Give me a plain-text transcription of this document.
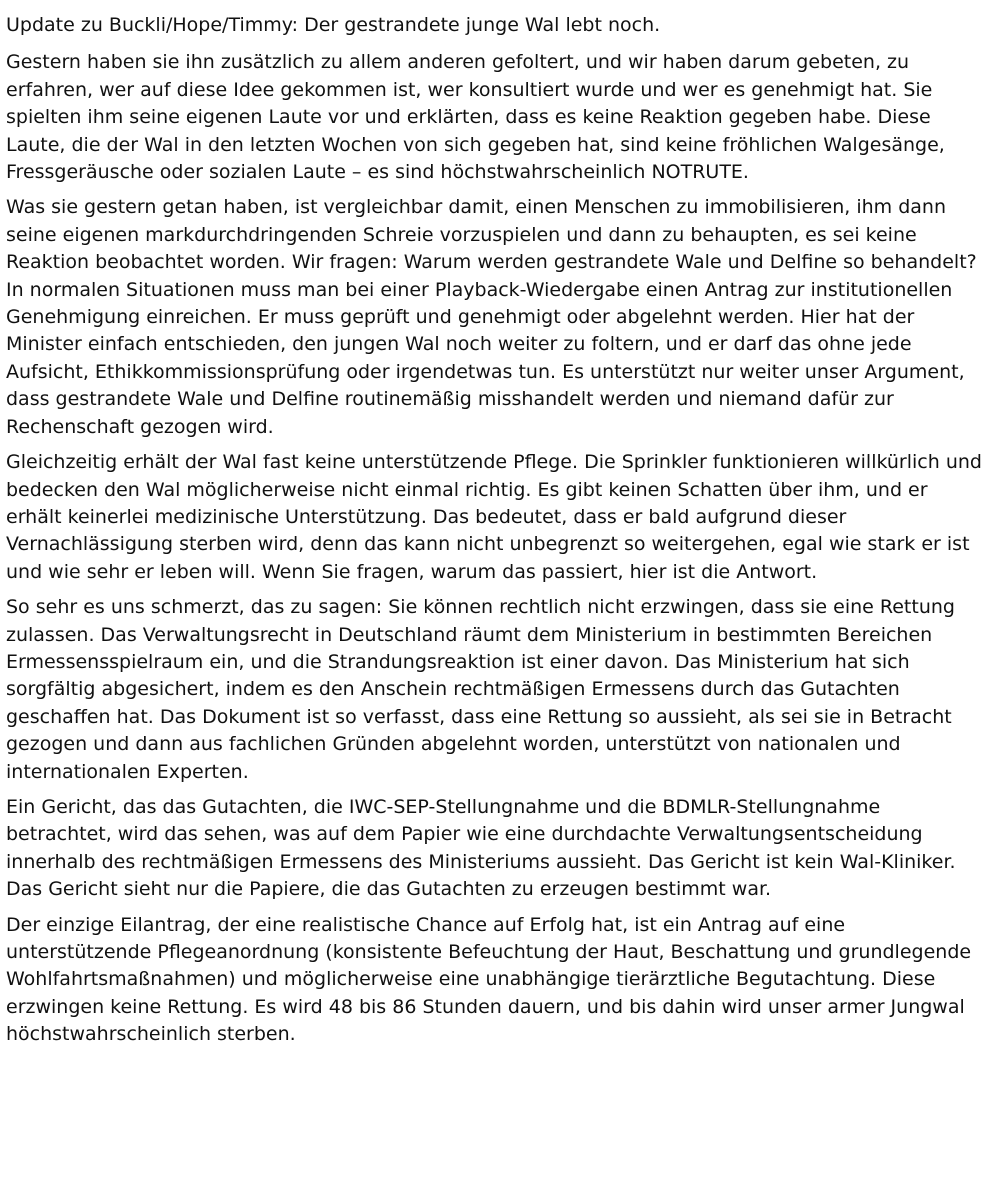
Update zu Buckli/Hope/Timmy: Der gestrandete junge Wal lebt noch.

Gestern haben sie ihn zusätzlich zu allem anderen gefoltert, und wir haben darum gebeten, zu erfahren, wer auf diese Idee gekommen ist, wer konsultiert wurde und wer es genehmigt hat. Sie spielten ihm seine eigenen Laute vor und erklärten, dass es keine Reaktion gegeben habe. Diese Laute, die der Wal in den letzten Wochen von sich gegeben hat, sind keine fröhlichen Walgesänge, Fressgeräusche oder sozialen Laute – es sind höchstwahrscheinlich NOTRUTE.

Was sie gestern getan haben, ist vergleichbar damit, einen Menschen zu immobilisieren, ihm dann seine eigenen markdurchdringenden Schreie vorzuspielen und dann zu behaupten, es sei keine Reaktion beobachtet worden. Wir fragen: Warum werden gestrandete Wale und Delfine so behandelt? In normalen Situationen muss man bei einer Playback-Wiedergabe einen Antrag zur institutionellen Genehmigung einreichen. Er muss geprüft und genehmigt oder abgelehnt werden. Hier hat der Minister einfach entschieden, den jungen Wal noch weiter zu foltern, und er darf das ohne jede Aufsicht, Ethikkommissionsprüfung oder irgendetwas tun. Es unterstützt nur weiter unser Argument, dass gestrandete Wale und Delfine routinemäßig misshandelt werden und niemand dafür zur Rechenschaft gezogen wird.

Gleichzeitig erhält der Wal fast keine unterstützende Pflege. Die Sprinkler funktionieren willkürlich und bedecken den Wal möglicherweise nicht einmal richtig. Es gibt keinen Schatten über ihm, und er erhält keinerlei medizinische Unterstützung. Das bedeutet, dass er bald aufgrund dieser Vernachlässigung sterben wird, denn das kann nicht unbegrenzt so weitergehen, egal wie stark er ist und wie sehr er leben will. Wenn Sie fragen, warum das passiert, hier ist die Antwort.

So sehr es uns schmerzt, das zu sagen: Sie können rechtlich nicht erzwingen, dass sie eine Rettung zulassen. Das Verwaltungsrecht in Deutschland räumt dem Ministerium in bestimmten Bereichen Ermessensspielraum ein, und die Strandungsreaktion ist einer davon. Das Ministerium hat sich sorgfältig abgesichert, indem es den Anschein rechtmäßigen Ermessens durch das Gutachten geschaffen hat. Das Dokument ist so verfasst, dass eine Rettung so aussieht, als sei sie in Betracht gezogen und dann aus fachlichen Gründen abgelehnt worden, unterstützt von nationalen und internationalen Experten.

Ein Gericht, das das Gutachten, die IWC-SEP-Stellungnahme und die BDMLR-Stellungnahme betrachtet, wird das sehen, was auf dem Papier wie eine durchdachte Verwaltungsentscheidung innerhalb des rechtmäßigen Ermessens des Ministeriums aussieht. Das Gericht ist kein Wal-Kliniker. Das Gericht sieht nur die Papiere, die das Gutachten zu erzeugen bestimmt war.

Der einzige Eilantrag, der eine realistische Chance auf Erfolg hat, ist ein Antrag auf eine unterstützende Pflegeanordnung (konsistente Befeuchtung der Haut, Beschattung und grundlegende Wohlfahrtsmaßnahmen) und möglicherweise eine unabhängige tierärztliche Begutachtung. Diese erzwingen keine Rettung. Es wird 48 bis 86 Stunden dauern, und bis dahin wird unser armer Jungwal höchstwahrscheinlich sterben.
